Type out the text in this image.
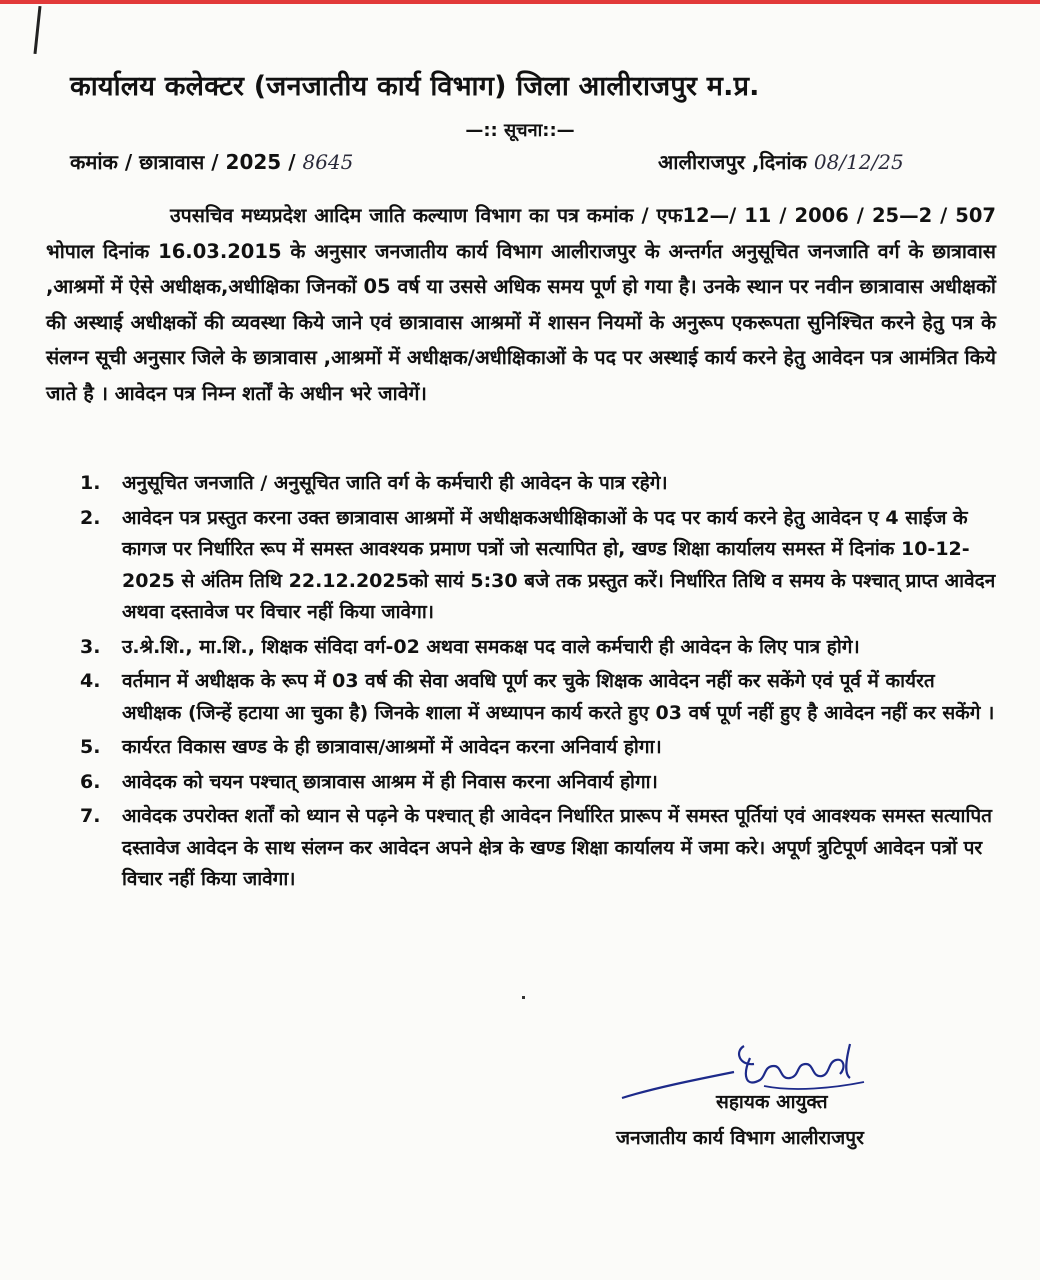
कार्यालय कलेक्टर (जनजातीय कार्य विभाग) जिला आलीराजपुर म.प्र.
—:: सूचना::—
कमांक / छात्रावास / 2025 / 8645	आलीराजपुर ,दिनांक 08/12/25
उपसचिव मध्यप्रदेश आदिम जाति कल्याण विभाग का पत्र कमांक / एफ12—/ 11 / 2006 / 25—2 / 507 भोपाल दिनांक 16.03.2015 के अनुसार जनजातीय कार्य विभाग आलीराजपुर के अन्तर्गत अनुसूचित जनजाति वर्ग के छात्रावास ,आश्रमों में ऐसे अधीक्षक,अधीक्षिका जिनकों 05 वर्ष या उससे अधिक समय पूर्ण हो गया है। उनके स्थान पर नवीन छात्रावास अधीक्षकों की अस्थाई अधीक्षकों की व्यवस्था किये जाने एवं छात्रावास आश्रमों में शासन नियमों के अनुरूप एकरूपता सुनिश्चित करने हेतु पत्र के संलग्न सूची अनुसार जिले के छात्रावास ,आश्रमों में अधीक्षक/अधीक्षिकाओं के पद पर अस्थाई कार्य करने हेतु आवेदन पत्र आमंत्रित किये जाते है । आवेदन पत्र निम्न शर्तों के अधीन भरे जावेगें।
1. अनुसूचित जनजाति / अनुसूचित जाति वर्ग के कर्मचारी ही आवेदन के पात्र रहेगे।
2. आवेदन पत्र प्रस्तुत करना उक्त छात्रावास आश्रमों में अधीक्षकअधीक्षिकाओं के पद पर कार्य करने हेतु आवेदन ए 4 साईज के कागज पर निर्धारित रूप में समस्त आवश्यक प्रमाण पत्रों जो सत्यापित हो, खण्ड शिक्षा कार्यालय समस्त में दिनांक 10-12-2025 से अंतिम तिथि 22.12.2025को सायं 5:30 बजे तक प्रस्तुत करें। निर्धारित तिथि व समय के पश्चात् प्राप्त आवेदन अथवा दस्तावेज पर विचार नहीं किया जावेगा।
3. उ.श्रे.शि., मा.शि., शिक्षक संविदा वर्ग-02 अथवा समकक्ष पद वाले कर्मचारी ही आवेदन के लिए पात्र होगे।
4. वर्तमान में अधीक्षक के रूप में 03 वर्ष की सेवा अवधि पूर्ण कर चुके शिक्षक आवेदन नहीं कर सकेंगे एवं पूर्व में कार्यरत अधीक्षक (जिन्हें हटाया आ चुका है) जिनके शाला में अध्यापन कार्य करते हुए 03 वर्ष पूर्ण नहीं हुए है आवेदन नहीं कर सकेंगे ।
5. कार्यरत विकास खण्ड के ही छात्रावास/आश्रमों में आवेदन करना अनिवार्य होगा।
6. आवेदक को चयन पश्चात् छात्रावास आश्रम में ही निवास करना अनिवार्य होगा।
7. आवेदक उपरोक्त शर्तों को ध्यान से पढ़ने के पश्चात् ही आवेदन निर्धारित प्रारूप में समस्त पूर्तियां एवं आवश्यक समस्त सत्यापित दस्तावेज आवेदन के साथ संलग्न कर आवेदन अपने क्षेत्र के खण्ड शिक्षा कार्यालय में जमा करे। अपूर्ण त्रुटिपूर्ण आवेदन पत्रों पर विचार नहीं किया जावेगा।
सहायक आयुक्त
जनजातीय कार्य विभाग आलीराजपुर
